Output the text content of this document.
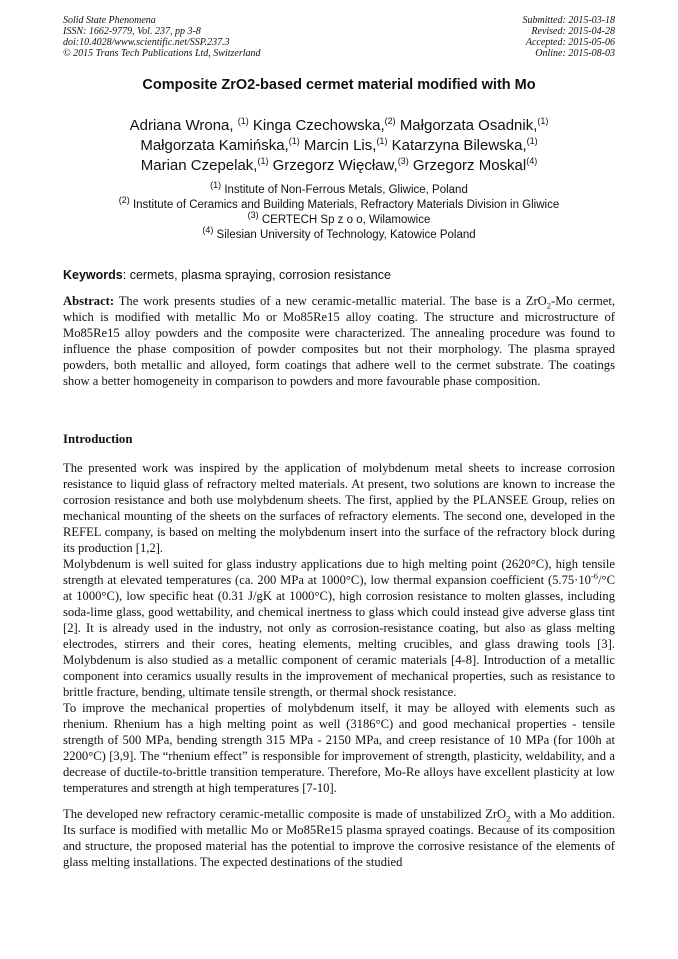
Solid State Phenomena
ISSN: 1662-9779, Vol. 237, pp 3-8
doi:10.4028/www.scientific.net/SSP.237.3
© 2015 Trans Tech Publications Ltd, Switzerland
Submitted: 2015-03-18
Revised: 2015-04-28
Accepted: 2015-05-06
Online: 2015-08-03
Composite ZrO2-based cermet material modified with Mo
Adriana Wrona, $^{(1)}$ Kinga Czechowska,$^{(2)}$ Małgorzata Osadnik,$^{(1)}$
Małgorzata Kamińska,$^{(1)}$ Marcin Lis,$^{(1)}$ Katarzyna Bilewska,$^{(1)}$
Marian Czepelak,$^{(1)}$ Grzegorz Więcław,$^{(3)}$ Grzegorz Moskal$^{(4)}$
$^{(1)}$ Institute of Non-Ferrous Metals, Gliwice, Poland
$^{(2)}$ Institute of Ceramics and Building Materials, Refractory Materials Division in Gliwice
$^{(3)}$ CERTECH Sp z o o, Wilamowice
$^{(4)}$ Silesian University of Technology, Katowice Poland
Keywords: cermets, plasma spraying, corrosion resistance
Abstract: The work presents studies of a new ceramic-metallic material. The base is a ZrO$_2$-Mo cermet, which is modified with metallic Mo or Mo85Re15 alloy coating. The structure and microstructure of Mo85Re15 alloy powders and the composite were characterized. The annealing procedure was found to influence the phase composition of powder composites but not their morphology. The plasma sprayed powders, both metallic and alloyed, form coatings that adhere well to the cermet substrate. The coatings show a better homogeneity in comparison to powders and more favourable phase composition.
Introduction

The presented work was inspired by the application of molybdenum metal sheets to increase corrosion resistance to liquid glass of refractory melted materials. At present, two solutions are known to increase the corrosion resistance and both use molybdenum sheets. The first, applied by the PLANSEE Group, relies on mechanical mounting of the sheets on the surfaces of refractory elements. The second one, developed in the REFEL company, is based on melting the molybdenum insert into the surface of the refractory block during its production [1,2].

Molybdenum is well suited for glass industry applications due to high melting point (2620°C), high tensile strength at elevated temperatures (ca. 200 MPa at 1000°C), low thermal expansion coefficient ($5.75\cdot 10^{-6}/^\circ C$ at 1000°C), low specific heat (0.31 J/gK at 1000°C), high corrosion resistance to molten glasses, including soda-lime glass, good wettability, and chemical inertness to glass which could instead give adverse glass tint [2]. It is already used in the industry, not only as corrosion-resistance coating, but also as glass melting electrodes, stirrers and their cores, heating elements, melting crucibles, and glass drawing tools [3]. Molybdenum is also studied as a metallic component of ceramic materials [4-8]. Introduction of a metallic component into ceramics usually results in the improvement of mechanical properties, such as resistance to brittle fracture, bending, ultimate tensile strength, or thermal shock resistance.

To improve the mechanical properties of molybdenum itself, it may be alloyed with elements such as rhenium. Rhenium has a high melting point as well (3186°C) and good mechanical properties - tensile strength of 500 MPa, bending strength 315 MPa - 2150 MPa, and creep resistance of 10 MPa (for 100h at 2200°C) [3,9]. The “rhenium effect” is responsible for improvement of strength, plasticity, weldability, and a decrease of ductile-to-brittle transition temperature. Therefore, Mo-Re alloys have excellent plasticity at low temperatures and strength at high temperatures [7-10].

The developed new refractory ceramic-metallic composite is made of unstabilized ZrO$_2$ with a Mo addition. Its surface is modified with metallic Mo or Mo85Re15 plasma sprayed coatings. Because of its composition and structure, the proposed material has the potential to improve the corrosive resistance of the elements of glass melting installations. The expected destinations of the studied
